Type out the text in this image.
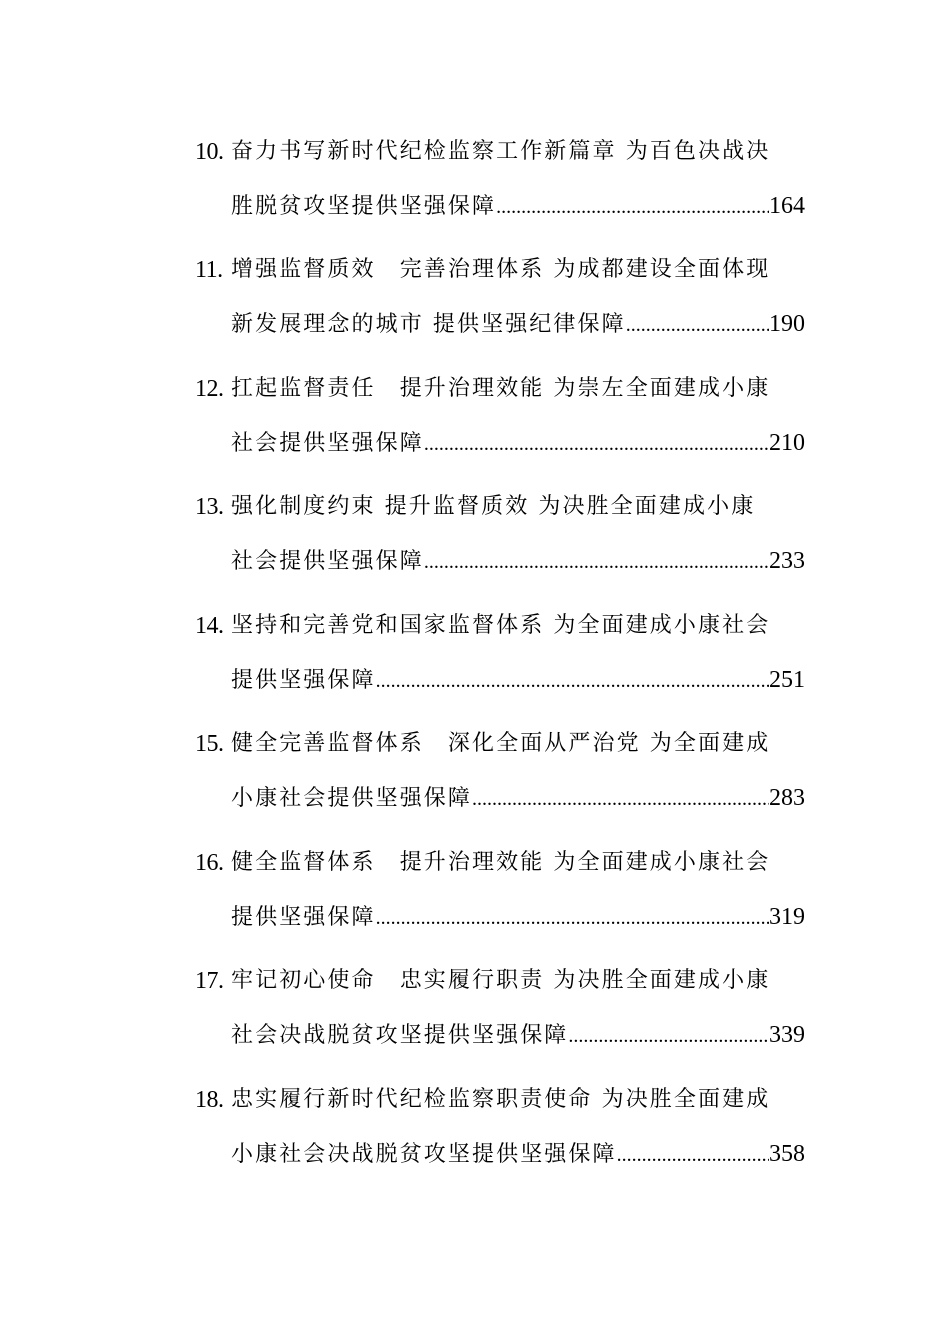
10. 奋力书写新时代纪检监察工作新篇章 为百色决战决
胜脱贫攻坚提供坚强保障 .....	164
11. 增强监督质效　完善治理体系 为成都建设全面体现
新发展理念的城市 提供坚强纪律保障 .....	190
12. 扛起监督责任　提升治理效能 为崇左全面建成小康
社会提供坚强保障 .....	210
13. 强化制度约束 提升监督质效 为决胜全面建成小康
社会提供坚强保障 .....	233
14. 坚持和完善党和国家监督体系 为全面建成小康社会
提供坚强保障 .....	251
15. 健全完善监督体系　深化全面从严治党 为全面建成
小康社会提供坚强保障 .....	283
16. 健全监督体系　提升治理效能 为全面建成小康社会
提供坚强保障 .....	319
17. 牢记初心使命　忠实履行职责 为决胜全面建成小康
社会决战脱贫攻坚提供坚强保障 .....	339
18. 忠实履行新时代纪检监察职责使命 为决胜全面建成
小康社会决战脱贫攻坚提供坚强保障 .....	358
